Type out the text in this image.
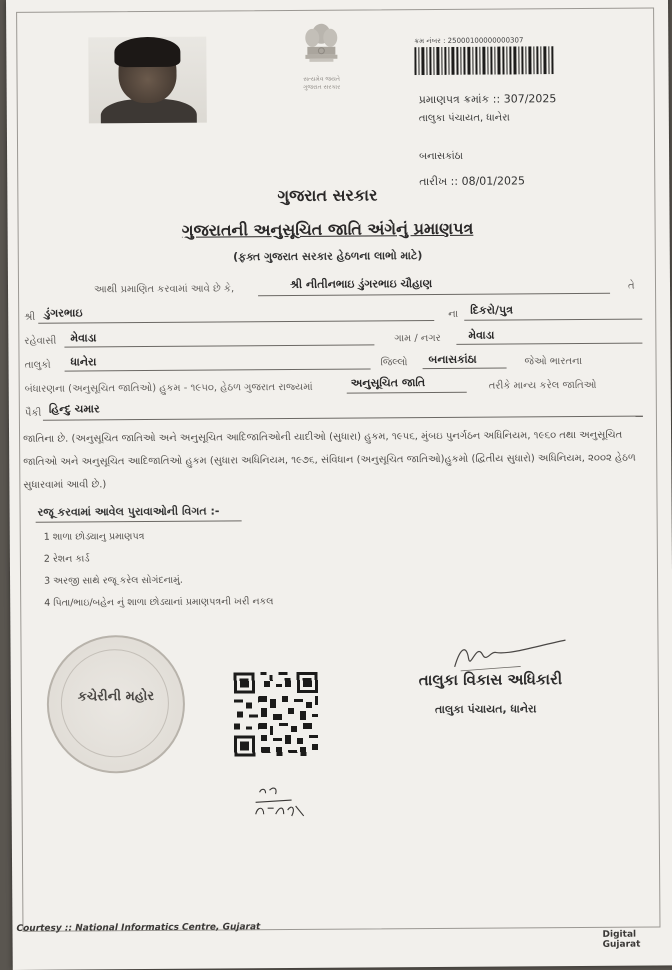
સત્યમેવ જયતે
ગુજરાત સરકાર
ક્રમ નંબર : 25000100000000307
પ્રમાણપત્ર ક્રમાંક :: 307/2025
તાલુકા પંચાયત, ધાનેરા
બનાસકાંઠા
તારીખ :: 08/01/2025
ગુજરાત સરકાર
ગુજરાતની અનુસૂચિત જાતિ અંગેનું પ્રમાણપત્ર
(ફક્ત ગુજરાત સરકાર હેઠળના લાભો માટે)
આથી પ્રમાણિત કરવામાં આવે છે કે,	શ્રી નીતીનભાઇ ડુંગરભાઇ ચૌહાણ	તે
શ્રી ડુંગરભાઇ	ના દિકરો/પુત્ર
રહેવાસી મેવાડા	ગામ / નગર મેવાડા
તાલુકો ધાનેરા	જિલ્લો બનાસકાંઠા	જેઓ ભારતના
બંધારણના (અનુસૂચિત જાતિઓ) હુકમ - ૧૯૫૦, હેઠળ ગુજરાત રાજ્યમાં	અનુસૂચિત જાતિ	તરીકે માન્ય કરેલ જાતિઓ
પૈકી હિન્દુ ચમાર
જાતિના છે. (અનુસૂચિત જાતિઓ અને અનુસૂચિત આદિજાતિઓની યાદીઓ (સુધારા) હુકમ, ૧૯૫૬, મુંબઇ પુનર્ગઠન અધિનિયમ, ૧૯૬૦ તથા અનુસૂચિત જાતિઓ અને અનુસૂચિત આદિજાતિઓ હુકમ (સુધારા અધિનિયમ, ૧૯૭૬, સંવિધાન (અનુસૂચિત જાતિઓ)હુકમો (દ્વિતીય સુધારો) અધિનિયમ, ૨૦૦૨ હેઠળ સુધારવામાં આવી છે.)
રજૂ કરવામાં આવેલ પુરાવાઓની વિગત :-
1 શાળા છોડ્યાનુ પ્રમાણપત્ર
2 રેશન કાર્ડ
3 અરજી સાથે રજૂ કરેલ સોગંદનામું.
4 પિતા/ભાઇ/બહેન નું શાળા છોડ્યાનાં પ્રમાણપત્રની ખરી નકલ
કચેરીની મહોર
તાલુકા વિકાસ અધિકારી
તાલુકા પંચાયત, ધાનેરા
Courtesy :: National Informatics Centre, Gujarat
Digital Gujarat
